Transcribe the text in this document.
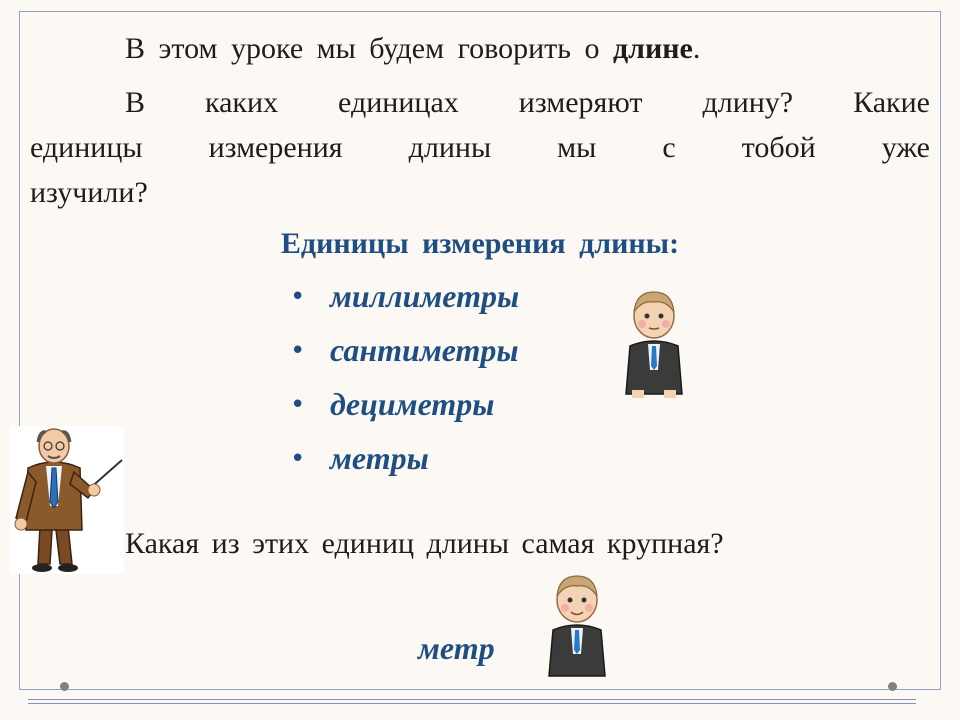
В этом уроке мы будем говорить о длине.

В каких единицах измеряют длину? Какие

единицы измерения длины мы с тобой уже

изучили?

Единицы измерения длины:

• миллиметры
• сантиметры
• дециметры
• метры

Какая из этих единиц длины самая крупная?

метр
